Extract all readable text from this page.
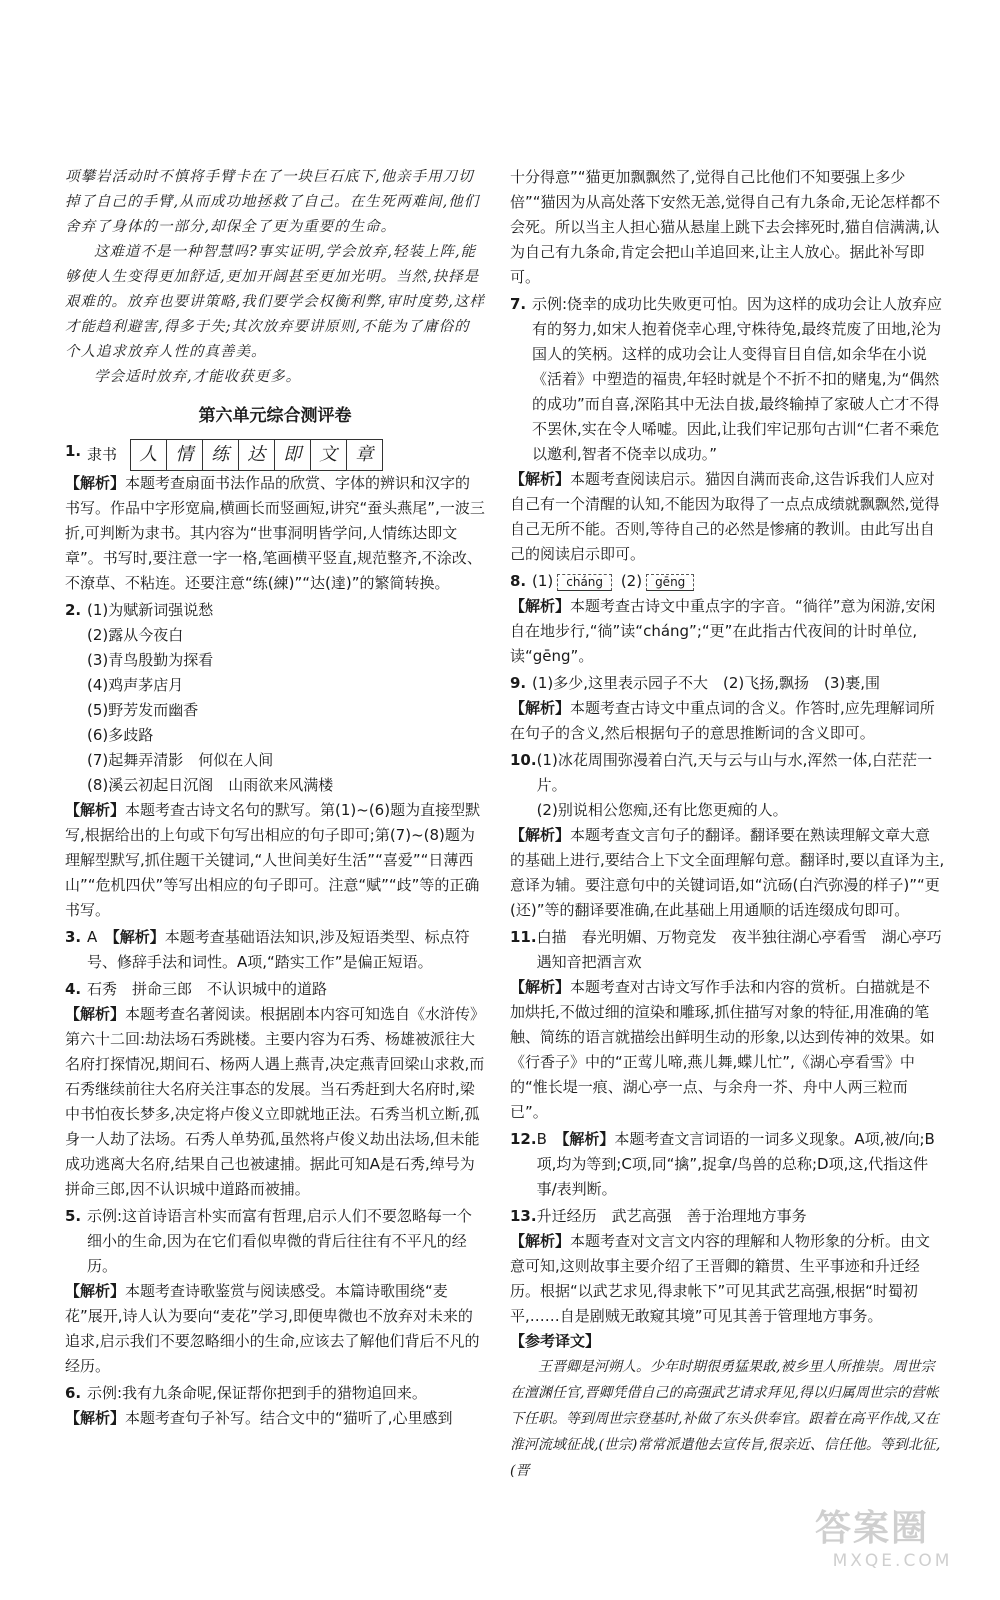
项攀岩活动时不慎将手臂卡在了一块巨石底下,他亲手用刀切掉了自己的手臂,从而成功地拯救了自己。在生死两难间,他们舍弃了身体的一部分,却保全了更为重要的生命。

这难道不是一种智慧吗?事实证明,学会放弃,轻装上阵,能够使人生变得更加舒适,更加开阔甚至更加光明。当然,抉择是艰难的。放弃也要讲策略,我们要学会权衡利弊,审时度势,这样才能趋利避害,得多于失;其次放弃要讲原则,不能为了庸俗的个人追求放弃人性的真善美。

学会适时放弃,才能收获更多。

第六单元综合测评卷
1. 隶书	人	情	练	达	即	文	章

【解析】本题考查扇面书法作品的欣赏、字体的辨识和汉字的书写。作品中字形宽扁,横画长而竖画短,讲究“蚕头燕尾”,一波三折,可判断为隶书。其内容为“世事洞明皆学问,人情练达即文章”。书写时,要注意一字一格,笔画横平竖直,规范整齐,不涂改、不潦草、不粘连。还要注意“练(練)”“达(達)”的繁简转换。

2. (1)为赋新词强说愁
(2)露从今夜白
(3)青鸟殷勤为探看
(4)鸡声茅店月
(5)野芳发而幽香
(6)多歧路
(7)起舞弄清影　何似在人间
(8)溪云初起日沉阁　山雨欲来风满楼

【解析】本题考查古诗文名句的默写。第(1)~(6)题为直接型默写,根据给出的上句或下句写出相应的句子即可;第(7)~(8)题为理解型默写,抓住题干关键词,“人世间美好生活”“喜爱”“日薄西山”“危机四伏”等写出相应的句子即可。注意“赋”“歧”等的正确书写。

3. A　 【解析】本题考查基础语法知识,涉及短语类型、标点符号、修辞手法和词性。A项,“踏实工作”是偏正短语。
4. 石秀　拼命三郎　不认识城中的道路

【解析】本题考查名著阅读。根据剧本内容可知选自《水浒传》第六十二回:劫法场石秀跳楼。主要内容为石秀、杨雄被派往大名府打探情况,期间石、杨两人遇上燕青,决定燕青回梁山求救,而石秀继续前往大名府关注事态的发展。当石秀赶到大名府时,梁中书怕夜长梦多,决定将卢俊义立即就地正法。石秀当机立断,孤身一人劫了法场。石秀人单势孤,虽然将卢俊义劫出法场,但未能成功逃离大名府,结果自己也被逮捕。据此可知A是石秀,绰号为拼命三郎,因不认识城中道路而被捕。

5. 示例:这首诗语言朴实而富有哲理,启示人们不要忽略每一个细小的生命,因为在它们看似卑微的背后往往有不平凡的经历。

【解析】本题考查诗歌鉴赏与阅读感受。本篇诗歌围绕“麦花”展开,诗人认为要向“麦花”学习,即便卑微也不放弃对未来的追求,启示我们不要忽略细小的生命,应该去了解他们背后不凡的经历。

6. 示例:我有九条命呢,保证帮你把到手的猎物追回来。

【解析】本题考查句子补写。结合文中的“猫听了,心里感到

十分得意”“猫更加飘飘然了,觉得自己比他们不知要强上多少倍”“猫因为从高处落下安然无恙,觉得自己有九条命,无论怎样都不会死。所以当主人担心猫从悬崖上跳下去会摔死时,猫自信满满,认为自己有九条命,肯定会把山羊追回来,让主人放心。据此补写即可。

7. 示例:侥幸的成功比失败更可怕。因为这样的成功会让人放弃应有的努力,如宋人抱着侥幸心理,守株待兔,最终荒废了田地,沦为国人的笑柄。这样的成功会让人变得盲目自信,如余华在小说《活着》中塑造的福贵,年轻时就是个不折不扣的赌鬼,为“偶然的成功”而自喜,深陷其中无法自拔,最终输掉了家破人亡才不得不罢休,实在令人唏嘘。因此,让我们牢记那句古训“仁者不乘危以邀利,智者不侥幸以成功。”

【解析】本题考查阅读启示。猫因自满而丧命,这告诉我们人应对自己有一个清醒的认知,不能因为取得了一点点成绩就飘飘然,觉得自己无所不能。否则,等待自己的必然是惨痛的教训。由此写出自己的阅读启示即可。

8. (1) cháng (2) gēng

【解析】本题考查古诗文中重点字的字音。“徜徉”意为闲游,安闲自在地步行,“徜”读“cháng”;“更”在此指古代夜间的计时单位,读“gēng”。

9. (1)多少,这里表示园子不大　(2)飞扬,飘扬　(3)裹,围

【解析】本题考查古诗文中重点词的含义。作答时,应先理解词所在句子的含义,然后根据句子的意思推断词的含义即可。

10. (1)冰花周围弥漫着白汽,天与云与山与水,浑然一体,白茫茫一片。
(2)别说相公您痴,还有比您更痴的人。

【解析】本题考查文言句子的翻译。翻译要在熟读理解文章大意的基础上进行,要结合上下文全面理解句意。翻译时,要以直译为主,意译为辅。要注意句中的关键词语,如“沆砀(白汽弥漫的样子)”“更(还)”等的翻译要准确,在此基础上用通顺的话连缀成句即可。

11. 白描　春光明媚、万物竞发　夜半独往湖心亭看雪　湖心亭巧遇知音把酒言欢

【解析】本题考查对古诗文写作手法和内容的赏析。白描就是不加烘托,不做过细的渲染和雕琢,抓住描写对象的特征,用准确的笔触、简练的语言就描绘出鲜明生动的形象,以达到传神的效果。如《行香子》中的“正莺儿啼,燕儿舞,蝶儿忙”,《湖心亭看雪》中的“惟长堤一痕、湖心亭一点、与余舟一芥、舟中人两三粒而已”。

12. B　 【解析】本题考查文言词语的一词多义现象。A项,被/向;B项,均为等到;C项,同“擒”,捉拿/鸟兽的总称;D项,这,代指这件事/表判断。
13. 升迁经历　武艺高强　善于治理地方事务

【解析】本题考查对文言文内容的理解和人物形象的分析。由文意可知,这则故事主要介绍了王晋卿的籍贯、生平事迹和升迁经历。根据“以武艺求见,得隶帐下”可见其武艺高强,根据“时蜀初平,……自是剧贼无敢窥其境”可见其善于管理地方事务。

【参考译文】

王晋卿是河朔人。少年时期很勇猛果敢,被乡里人所推崇。周世宗在澶渊任官,晋卿凭借自己的高强武艺请求拜见,得以归属周世宗的营帐下任职。等到周世宗登基时,补做了东头供奉官。跟着在高平作战,又在淮河流域征战,(世宗)常常派遣他去宣传旨,很亲近、信任他。等到北征,(晋

答案圈
MXQE.COM
